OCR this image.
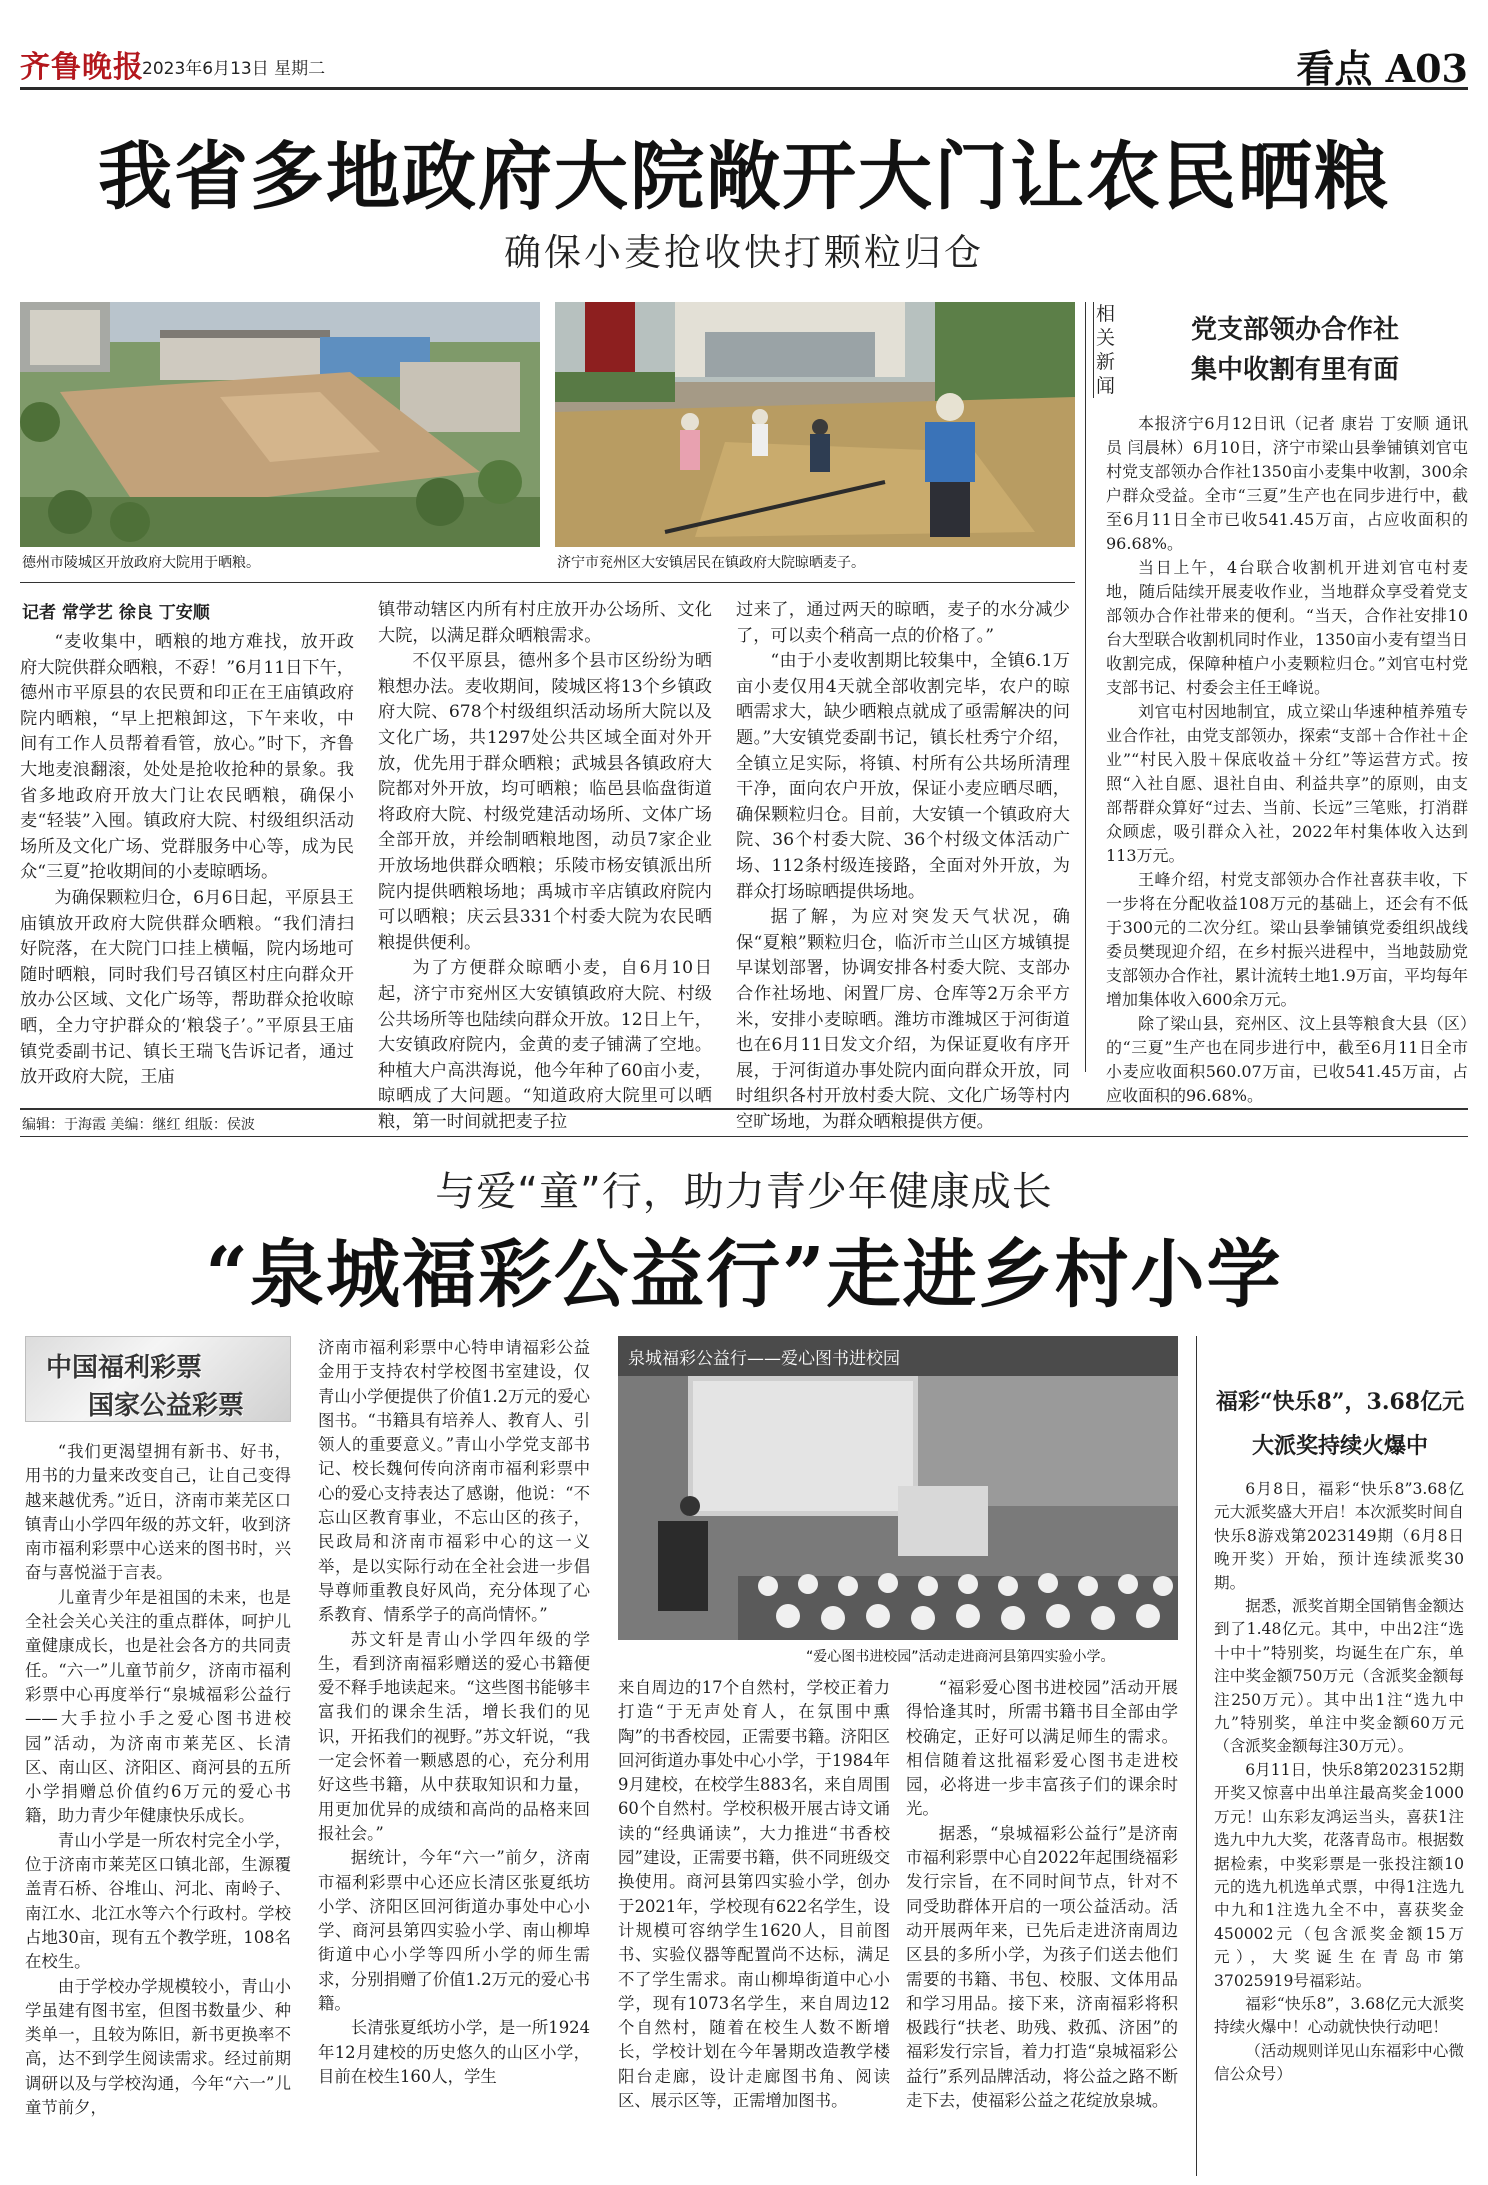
齐鲁晚报
2023年6月13日 星期二	看点 A03
我省多地政府大院敞开大门让农民晒粮
确保小麦抢收快打颗粒归仓
德州市陵城区开放政府大院用于晒粮。	济宁市兖州区大安镇居民在镇政府大院晾晒麦子。
记者 常学艺 徐良 丁安顺

“麦收集中，晒粮的地方难找，放开政府大院供群众晒粮，不孬！”6月11日下午，德州市平原县的农民贾和印正在王庙镇政府院内晒粮，“早上把粮卸这，下午来收，中间有工作人员帮着看管，放心。”时下，齐鲁大地麦浪翻滚，处处是抢收抢种的景象。我省多地政府开放大门让农民晒粮，确保小麦“轻装”入囤。镇政府大院、村级组织活动场所及文化广场、党群服务中心等，成为民众“三夏”抢收期间的小麦晾晒场。

为确保颗粒归仓，6月6日起，平原县王庙镇放开政府大院供群众晒粮。“我们清扫好院落，在大院门口挂上横幅，院内场地可随时晒粮，同时我们号召镇区村庄向群众开放办公区域、文化广场等，帮助群众抢收晾晒，全力守护群众的‘粮袋子’。”平原县王庙镇党委副书记、镇长王瑞飞告诉记者，通过放开政府大院，王庙

镇带动辖区内所有村庄放开办公场所、文化大院，以满足群众晒粮需求。

不仅平原县，德州多个县市区纷纷为晒粮想办法。麦收期间，陵城区将13个乡镇政府大院、678个村级组织活动场所大院以及文化广场，共1297处公共区域全面对外开放，优先用于群众晒粮；武城县各镇政府大院都对外开放，均可晒粮；临邑县临盘街道将政府大院、村级党建活动场所、文体广场全部开放，并绘制晒粮地图，动员7家企业开放场地供群众晒粮；乐陵市杨安镇派出所院内提供晒粮场地；禹城市辛店镇政府院内可以晒粮；庆云县331个村委大院为农民晒粮提供便利。

为了方便群众晾晒小麦，自6月10日起，济宁市兖州区大安镇镇政府大院、村级公共场所等也陆续向群众开放。12日上午，大安镇政府院内，金黄的麦子铺满了空地。种植大户高洪海说，他今年种了60亩小麦，晾晒成了大问题。“知道政府大院里可以晒粮，第一时间就把麦子拉

过来了，通过两天的晾晒，麦子的水分减少了，可以卖个稍高一点的价格了。”

“由于小麦收割期比较集中，全镇6.1万亩小麦仅用4天就全部收割完毕，农户的晾晒需求大，缺少晒粮点就成了亟需解决的问题。”大安镇党委副书记，镇长杜秀宁介绍，全镇立足实际，将镇、村所有公共场所清理干净，面向农户开放，保证小麦应晒尽晒，确保颗粒归仓。目前，大安镇一个镇政府大院、36个村委大院、36个村级文体活动广场、112条村级连接路，全面对外开放，为群众打场晾晒提供场地。

据了解，为应对突发天气状况，确保“夏粮”颗粒归仓，临沂市兰山区方城镇提早谋划部署，协调安排各村委大院、支部办合作社场地、闲置厂房、仓库等2万余平方米，安排小麦晾晒。潍坊市潍城区于河街道也在6月11日发文介绍，为保证夏收有序开展，于河街道办事处院内面向群众开放，同时组织各村开放村委大院、文化广场等村内空旷场地，为群众晒粮提供方便。

相关新闻
党支部领办合作社
集中收割有里有面

本报济宁6月12日讯（记者 康岩 丁安顺 通讯员 闫晨林）6月10日，济宁市梁山县拳铺镇刘官屯村党支部领办合作社1350亩小麦集中收割，300余户群众受益。全市“三夏”生产也在同步进行中，截至6月11日全市已收541.45万亩，占应收面积的96.68%。

当日上午，4台联合收割机开进刘官屯村麦地，随后陆续开展麦收作业，当地群众享受着党支部领办合作社带来的便利。“当天，合作社安排10台大型联合收割机同时作业，1350亩小麦有望当日收割完成，保障种植户小麦颗粒归仓。”刘官屯村党支部书记、村委会主任王峰说。

刘官屯村因地制宜，成立梁山华速种植养殖专业合作社，由党支部领办，探索“支部＋合作社＋企业”“村民入股＋保底收益＋分红”等运营方式。按照“入社自愿、退社自由、利益共享”的原则，由支部帮群众算好“过去、当前、长远”三笔账，打消群众顾虑，吸引群众入社，2022年村集体收入达到113万元。

王峰介绍，村党支部领办合作社喜获丰收，下一步将在分配收益108万元的基础上，还会有不低于300元的二次分红。梁山县拳铺镇党委组织战线委员樊现迎介绍，在乡村振兴进程中，当地鼓励党支部领办合作社，累计流转土地1.9万亩，平均每年增加集体收入600余万元。

除了梁山县，兖州区、汶上县等粮食大县（区）的“三夏”生产也在同步进行中，截至6月11日全市小麦应收面积560.07万亩，已收541.45万亩，占应收面积的96.68%。

编辑：于海霞 美编：继红 组版：侯波
与爱“童”行，助力青少年健康成长
“泉城福彩公益行”走进乡村小学
中国福利彩票
国家公益彩票

“我们更渴望拥有新书、好书，用书的力量来改变自己，让自己变得越来越优秀。”近日，济南市莱芜区口镇青山小学四年级的苏文轩，收到济南市福利彩票中心送来的图书时，兴奋与喜悦溢于言表。

儿童青少年是祖国的未来，也是全社会关心关注的重点群体，呵护儿童健康成长，也是社会各方的共同责任。“六一”儿童节前夕，济南市福利彩票中心再度举行“泉城福彩公益行——大手拉小手之爱心图书进校园”活动，为济南市莱芜区、长清区、南山区、济阳区、商河县的五所小学捐赠总价值约6万元的爱心书籍，助力青少年健康快乐成长。

青山小学是一所农村完全小学，位于济南市莱芜区口镇北部，生源覆盖青石桥、谷堆山、河北、南岭子、南江水、北江水等六个行政村。学校占地30亩，现有五个教学班，108名在校生。

由于学校办学规模较小，青山小学虽建有图书室，但图书数量少、种类单一，且较为陈旧，新书更换率不高，达不到学生阅读需求。经过前期调研以及与学校沟通，今年“六一”儿童节前夕，

济南市福利彩票中心特申请福彩公益金用于支持农村学校图书室建设，仅青山小学便提供了价值1.2万元的爱心图书。“书籍具有培养人、教育人、引领人的重要意义。”青山小学党支部书记、校长魏何传向济南市福利彩票中心的爱心支持表达了感谢，他说：“不忘山区教育事业，不忘山区的孩子，民政局和济南市福彩中心的这一义举，是以实际行动在全社会进一步倡导尊师重教良好风尚，充分体现了心系教育、情系学子的高尚情怀。”

苏文轩是青山小学四年级的学生，看到济南福彩赠送的爱心书籍便爱不释手地读起来。“这些图书能够丰富我们的课余生活，增长我们的见识，开拓我们的视野。”苏文轩说，“我一定会怀着一颗感恩的心，充分利用好这些书籍，从中获取知识和力量，用更加优异的成绩和高尚的品格来回报社会。”

据统计，今年“六一”前夕，济南市福利彩票中心还应长清区张夏纸坊小学、济阳区回河街道办事处中心小学、商河县第四实验小学、南山柳埠街道中心小学等四所小学的师生需求，分别捐赠了价值1.2万元的爱心书籍。

长清张夏纸坊小学，是一所1924年12月建校的历史悠久的山区小学，目前在校生160人，学生

泉城福彩公益行——爱心图书进校园
“爱心图书进校园”活动走进商河县第四实验小学。

来自周边的17个自然村，学校正着力打造“于无声处育人，在氛围中熏陶”的书香校园，正需要书籍。济阳区回河街道办事处中心小学，于1984年9月建校，在校学生883名，来自周围60个自然村。学校积极开展古诗文诵读的“经典诵读”，大力推进“书香校园”建设，正需要书籍，供不同班级交换使用。商河县第四实验小学，创办于2021年，学校现有622名学生，设计规模可容纳学生1620人，目前图书、实验仪器等配置尚不达标，满足不了学生需求。南山柳埠街道中心小学，现有1073名学生，来自周边12个自然村，随着在校生人数不断增长，学校计划在今年暑期改造教学楼阳台走廊，设计走廊图书角、阅读区、展示区等，正需增加图书。

“福彩爱心图书进校园”活动开展得恰逢其时，所需书籍书目全部由学校确定，正好可以满足师生的需求。相信随着这批福彩爱心图书走进校园，必将进一步丰富孩子们的课余时光。

据悉，“泉城福彩公益行”是济南市福利彩票中心自2022年起围绕福彩发行宗旨，在不同时间节点，针对不同受助群体开启的一项公益活动。活动开展两年来，已先后走进济南周边区县的多所小学，为孩子们送去他们需要的书籍、书包、校服、文体用品和学习用品。接下来，济南福彩将积极践行“扶老、助残、救孤、济困”的福彩发行宗旨，着力打造“泉城福彩公益行”系列品牌活动，将公益之路不断走下去，使福彩公益之花绽放泉城。

福彩“快乐8”，3.68亿元
大派奖持续火爆中

6月8日，福彩“快乐8”3.68亿元大派奖盛大开启！本次派奖时间自快乐8游戏第2023149期（6月8日晚开奖）开始，预计连续派奖30期。

据悉，派奖首期全国销售金额达到了1.48亿元。其中，中出2注“选十中十”特别奖，均诞生在广东，单注中奖金额750万元（含派奖金额每注250万元）。其中出1注“选九中九”特别奖，单注中奖金额60万元（含派奖金额每注30万元）。

6月11日，快乐8第2023152期开奖又惊喜中出单注最高奖金1000万元！山东彩友鸿运当头，喜获1注选九中九大奖，花落青岛市。根据数据检索，中奖彩票是一张投注额10元的选九机选单式票，中得1注选九中九和1注选九全不中，喜获奖金450002元（包含派奖金额15万元），大奖诞生在青岛市第37025919号福彩站。

福彩“快乐8”，3.68亿元大派奖持续火爆中！心动就快快行动吧！

（活动规则详见山东福彩中心微信公众号）
